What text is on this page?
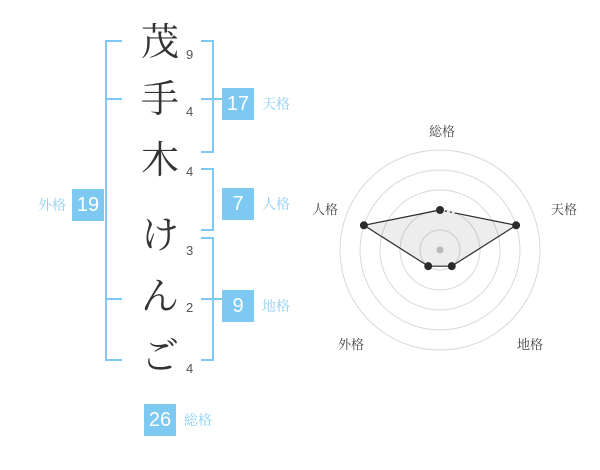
茂
手
木
け
ん
ご
9
4
4
3
2
4
17 天格
7	人格
9	地格
外格 19
26 総格
総格
天格
地格
外格
人格
